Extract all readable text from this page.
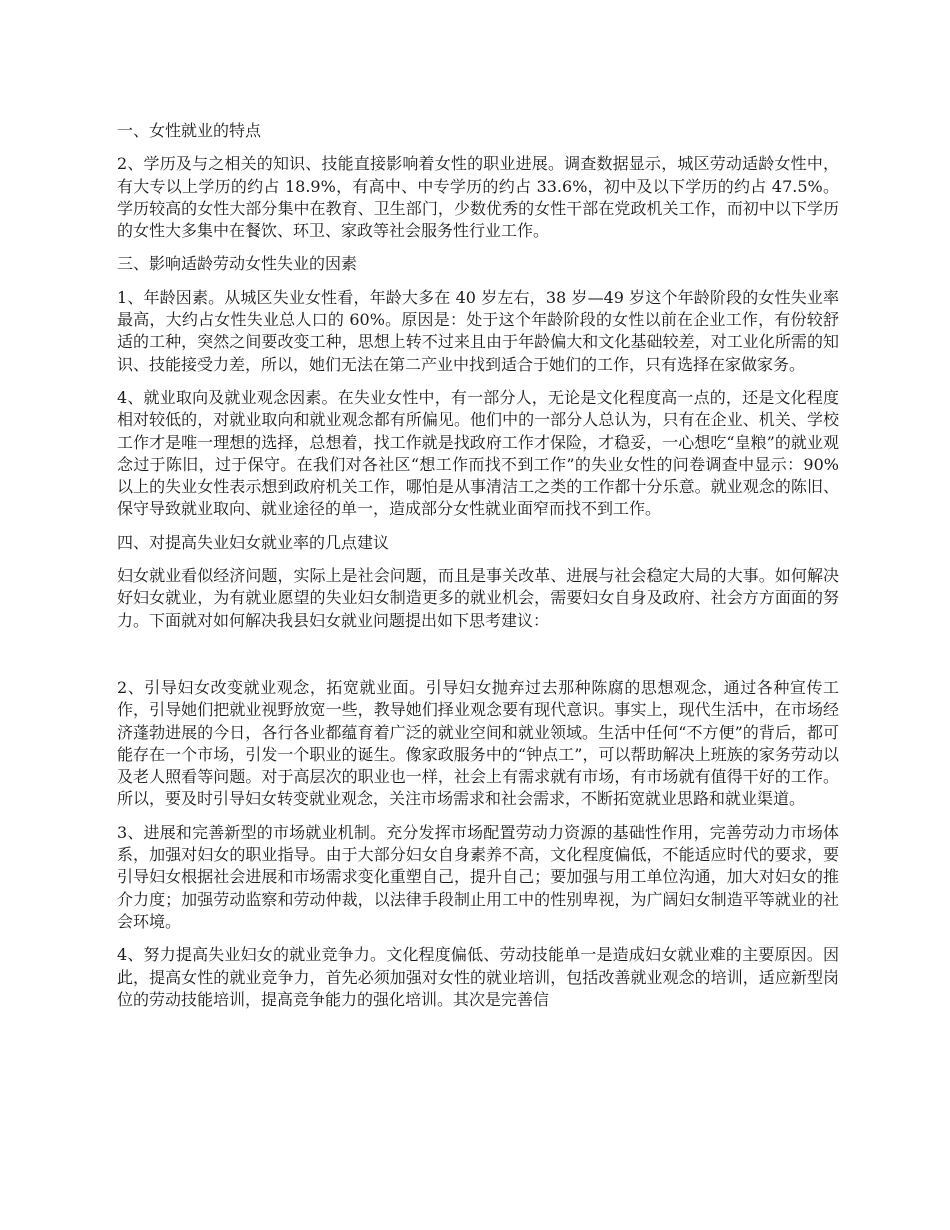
一、女性就业的特点

2、学历及与之相关的知识、技能直接影响着女性的职业进展。调查数据显示，城区劳动适龄女性中，有大专以上学历的约占 18.9%，有高中、中专学历的约占 33.6%，初中及以下学历的约占 47.5%。学历较高的女性大部分集中在教育、卫生部门，少数优秀的女性干部在党政机关工作，而初中以下学历的女性大多集中在餐饮、环卫、家政等社会服务性行业工作。

三、影响适龄劳动女性失业的因素

1、年龄因素。从城区失业女性看，年龄大多在 40 岁左右，38 岁—49 岁这个年龄阶段的女性失业率最高，大约占女性失业总人口的 60%。原因是：处于这个年龄阶段的女性以前在企业工作，有份较舒适的工种，突然之间要改变工种，思想上转不过来且由于年龄偏大和文化基础较差，对工业化所需的知识、技能接受力差，所以，她们无法在第二产业中找到适合于她们的工作，只有选择在家做家务。

4、就业取向及就业观念因素。在失业女性中，有一部分人，无论是文化程度高一点的，还是文化程度相对较低的，对就业取向和就业观念都有所偏见。他们中的一部分人总认为，只有在企业、机关、学校工作才是唯一理想的选择，总想着，找工作就是找政府工作才保险，才稳妥，一心想吃“皇粮”的就业观念过于陈旧，过于保守。在我们对各社区“想工作而找不到工作”的失业女性的问卷调查中显示：90%以上的失业女性表示想到政府机关工作，哪怕是从事清洁工之类的工作都十分乐意。就业观念的陈旧、保守导致就业取向、就业途径的单一，造成部分女性就业面窄而找不到工作。

四、对提高失业妇女就业率的几点建议

妇女就业看似经济问题，实际上是社会问题，而且是事关改革、进展与社会稳定大局的大事。如何解决好妇女就业，为有就业愿望的失业妇女制造更多的就业机会，需要妇女自身及政府、社会方方面面的努力。下面就对如何解决我县妇女就业问题提出如下思考建议：

2、引导妇女改变就业观念，拓宽就业面。引导妇女抛弃过去那种陈腐的思想观念，通过各种宣传工作，引导她们把就业视野放宽一些，教导她们择业观念要有现代意识。事实上，现代生活中，在市场经济蓬勃进展的今日，各行各业都蕴育着广泛的就业空间和就业领域。生活中任何“不方便”的背后，都可能存在一个市场，引发一个职业的诞生。像家政服务中的“钟点工”，可以帮助解决上班族的家务劳动以及老人照看等问题。对于高层次的职业也一样，社会上有需求就有市场，有市场就有值得干好的工作。所以，要及时引导妇女转变就业观念，关注市场需求和社会需求，不断拓宽就业思路和就业渠道。

3、进展和完善新型的市场就业机制。充分发挥市场配置劳动力资源的基础性作用，完善劳动力市场体系，加强对妇女的职业指导。由于大部分妇女自身素养不高，文化程度偏低，不能适应时代的要求，要引导妇女根据社会进展和市场需求变化重塑自己，提升自己；要加强与用工单位沟通，加大对妇女的推介力度；加强劳动监察和劳动仲裁，以法律手段制止用工中的性别卑视，为广阔妇女制造平等就业的社会环境。

4、努力提高失业妇女的就业竞争力。文化程度偏低、劳动技能单一是造成妇女就业难的主要原因。因此，提高女性的就业竞争力，首先必须加强对女性的就业培训，包括改善就业观念的培训，适应新型岗位的劳动技能培训，提高竞争能力的强化培训。其次是完善信
